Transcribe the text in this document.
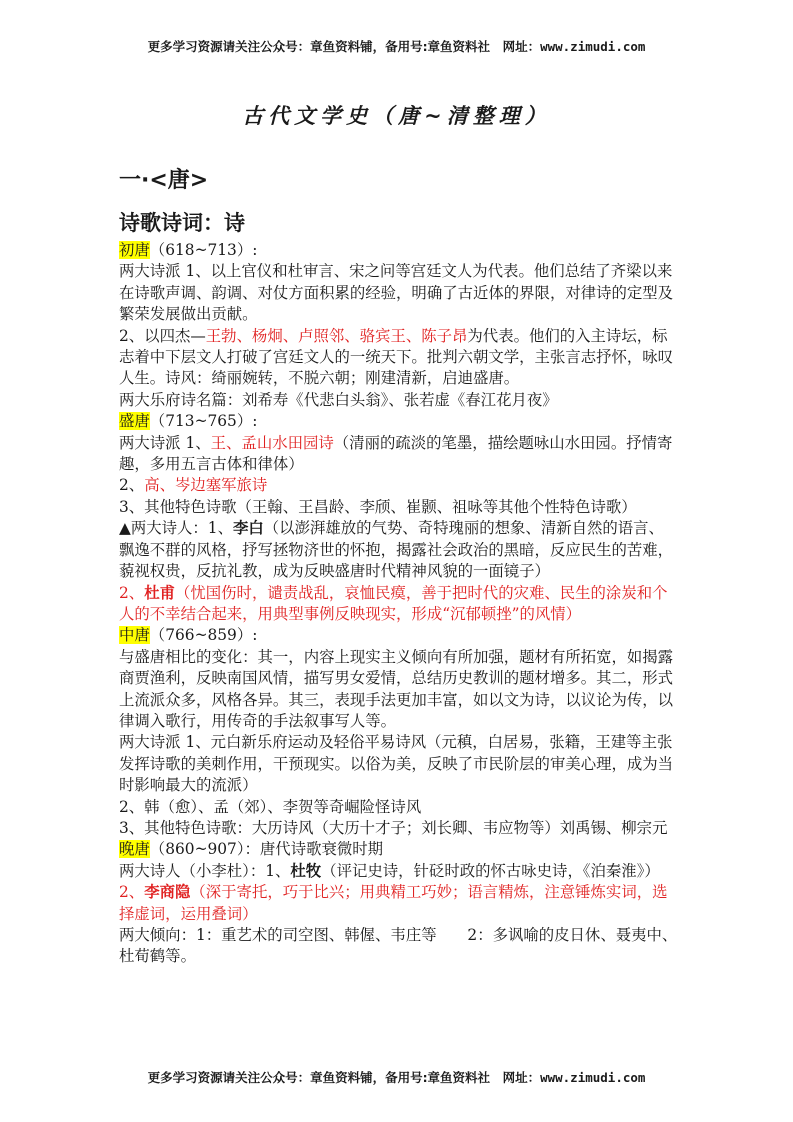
更多学习资源请关注公众号：章鱼资料铺，备用号:章鱼资料社　网址：www.zimudi.com
古代文学史（唐~清整理）
一·<唐>
诗歌诗词：诗

初唐（618~713）:

两大诗派 1、以上官仪和杜审言、宋之问等宫廷文人为代表。他们总结了齐梁以来在诗歌声调、韵调、对仗方面积累的经验，明确了古近体的界限，对律诗的定型及繁荣发展做出贡献。

2、以四杰—王勃、杨炯、卢照邻、骆宾王、陈子昂为代表。他们的入主诗坛，标志着中下层文人打破了宫廷文人的一统天下。批判六朝文学，主张言志抒怀，咏叹人生。诗风：绮丽婉转，不脱六朝；刚建清新，启迪盛唐。

两大乐府诗名篇：刘希寿《代悲白头翁》、张若虚《春江花月夜》

盛唐（713~765）:

两大诗派 1、王、孟山水田园诗（清丽的疏淡的笔墨，描绘题咏山水田园。抒情寄趣，多用五言古体和律体）

2、高、岑边塞军旅诗

3、其他特色诗歌（王翰、王昌龄、李颀、崔颢、祖咏等其他个性特色诗歌）

▲两大诗人：1、李白（以澎湃雄放的气势、奇特瑰丽的想象、清新自然的语言、飘逸不群的风格，抒写拯物济世的怀抱，揭露社会政治的黑暗，反应民生的苦难，藐视权贵，反抗礼教，成为反映盛唐时代精神风貌的一面镜子）

2、杜甫（忧国伤时，谴责战乱，哀恤民瘼，善于把时代的灾难、民生的涂炭和个人的不幸结合起来，用典型事例反映现实，形成“沉郁顿挫”的风情）

中唐（766~859）:

与盛唐相比的变化：其一，内容上现实主义倾向有所加强，题材有所拓宽，如揭露商贾渔利，反映南国风情，描写男女爱情，总结历史教训的题材增多。其二，形式上流派众多，风格各异。其三，表现手法更加丰富，如以文为诗，以议论为传，以律调入歌行，用传奇的手法叙事写人等。

两大诗派 1、元白新乐府运动及轻俗平易诗风（元稹，白居易，张籍，王建等主张发挥诗歌的美刺作用，干预现实。以俗为美，反映了市民阶层的审美心理，成为当时影响最大的流派）

2、韩（愈）、孟（郊）、李贺等奇崛险怪诗风

3、其他特色诗歌：大历诗风（大历十才子；刘长卿、韦应物等）刘禹锡、柳宗元

晚唐（860~907）：唐代诗歌衰微时期

两大诗人（小李杜）：1、杜牧（评记史诗，针砭时政的怀古咏史诗，《泊秦淮》）

2、李商隐（深于寄托，巧于比兴；用典精工巧妙；语言精炼，注意锤炼实词，选择虚词，运用叠词）

两大倾向：1：重艺术的司空图、韩偓、韦庄等　　 2：多讽喻的皮日休、聂夷中、杜荀鹤等。

更多学习资源请关注公众号：章鱼资料铺，备用号:章鱼资料社　网址：www.zimudi.com
